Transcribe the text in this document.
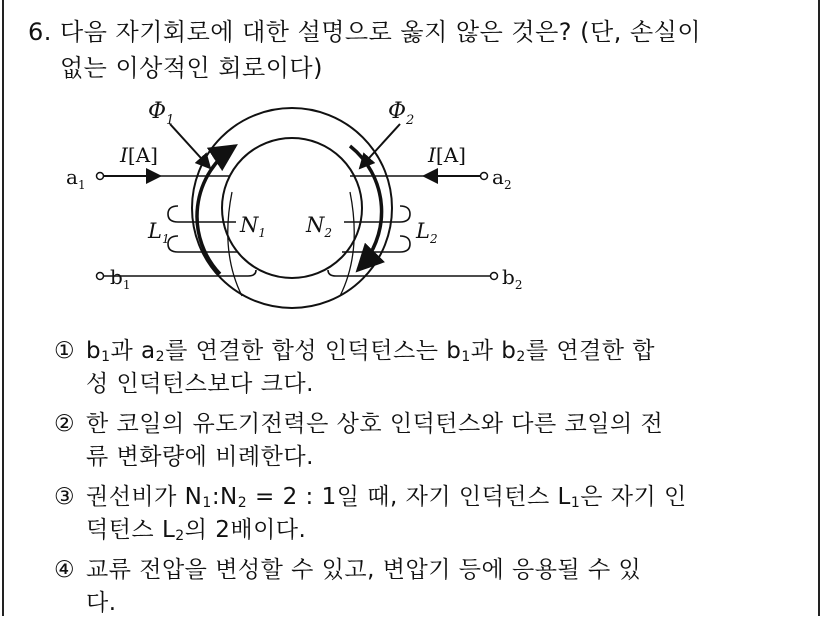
6. 다음 자기회로에 대한 설명으로 옳지 않은 것은? (단, 손실이
없는 이상적인 회로이다)
$\Phi_1$	$\Phi_2$
I[A]	I[A]
$a_1$	$a_2$
$b_1$	$b_2$
$L_1$	$L_2$
$N_1$ $N_2$
① $b_1$과 $a_2$를 연결한 합성 인덕턴스는 $b_1$과 $b_2$를 연결한 합
성 인덕턴스보다 크다.
② 한 코일의 유도기전력은 상호 인덕턴스와 다른 코일의 전
류 변화량에 비례한다.
③ 권선비가 $N_1:N_2 = 2$ : 1일 때, 자기 인덕턴스 $L_1$은 자기 인
덕턴스 $L_2$의 2배이다.
④ 교류 전압을 변성할 수 있고, 변압기 등에 응용될 수 있
다.
